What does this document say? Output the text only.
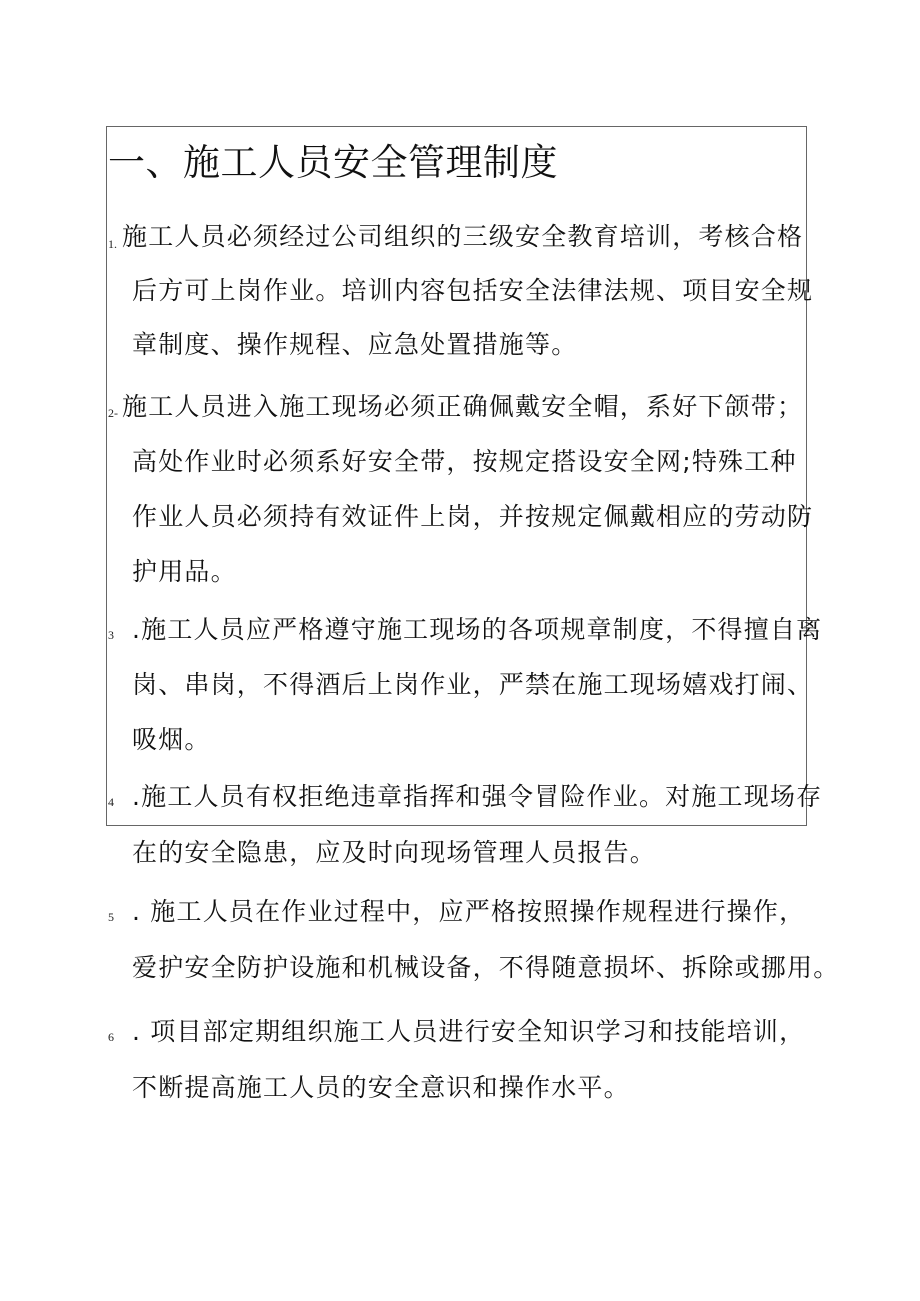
一、施工人员安全管理制度
1. 施工人员必须经过公司组织的三级安全教育培训，考核合格
后方可上岗作业。培训内容包括安全法律法规、项目安全规
章制度、操作规程、应急处置措施等。
2- 施工人员进入施工现场必须正确佩戴安全帽，系好下颌带；
高处作业时必须系好安全带，按规定搭设安全网;特殊工种
作业人员必须持有效证件上岗，并按规定佩戴相应的劳动防
护用品。
3 .施工人员应严格遵守施工现场的各项规章制度，不得擅自离
岗、串岗，不得酒后上岗作业，严禁在施工现场嬉戏打闹、
吸烟。
4 .施工人员有权拒绝违章指挥和强令冒险作业。对施工现场存
在的安全隐患，应及时向现场管理人员报告。
5 . 施工人员在作业过程中，应严格按照操作规程进行操作，
爱护安全防护设施和机械设备，不得随意损坏、拆除或挪用。
6 . 项目部定期组织施工人员进行安全知识学习和技能培训，
不断提高施工人员的安全意识和操作水平。
